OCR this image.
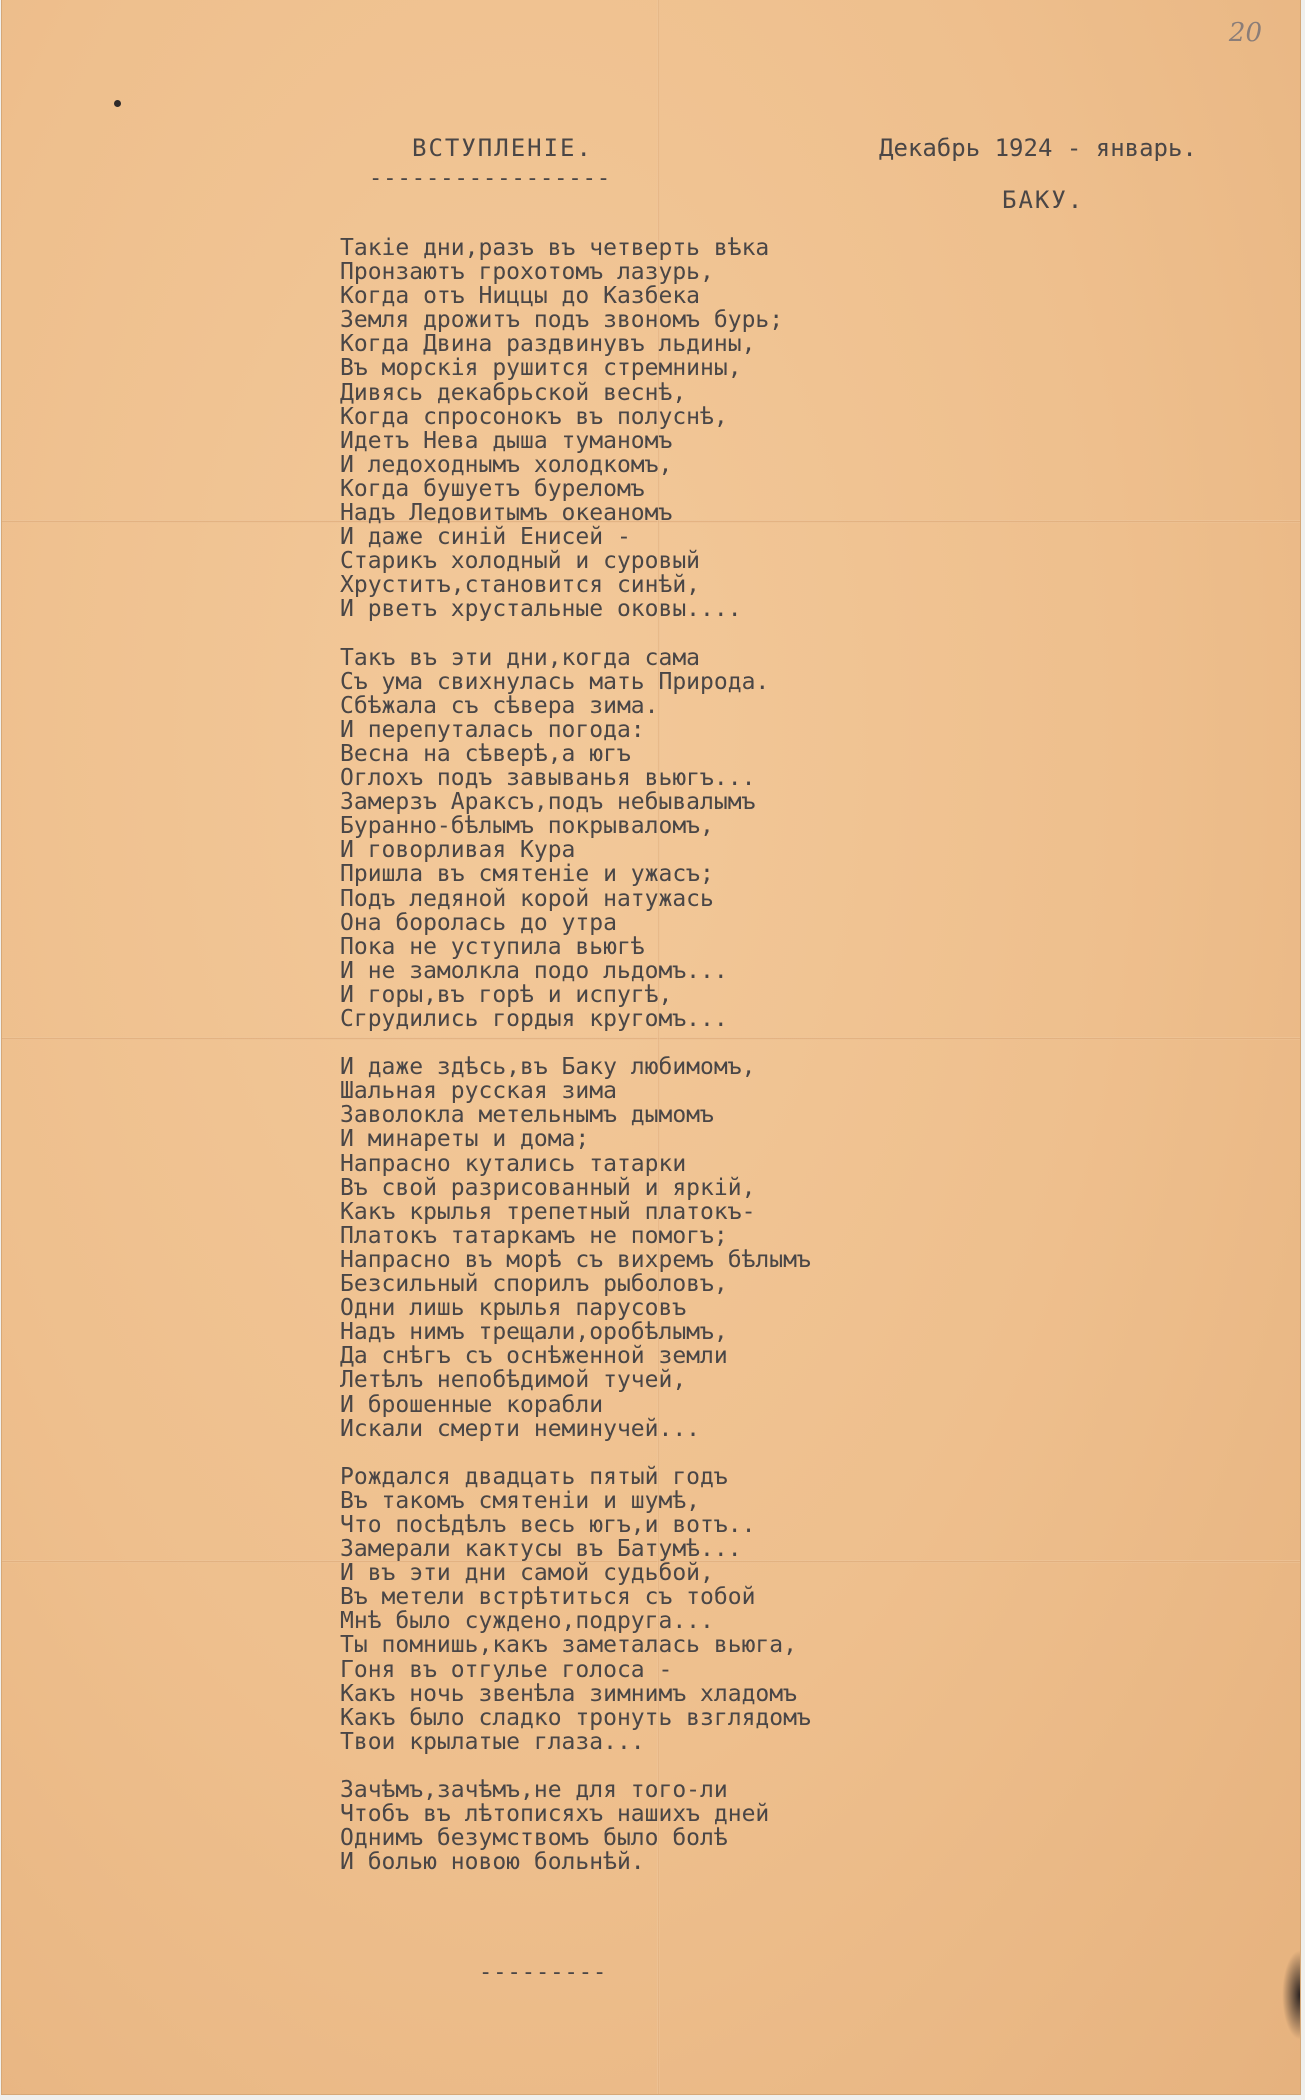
20
ВСТУПЛЕНIЕ.
-----------------
Декабрь 1924 - январь.
БАКУ.
Такiе дни,разъ въ четверть вѣка
Пронзаютъ грохотомъ лазурь,
Когда отъ Ниццы до Казбека
Земля дрожитъ подъ звономъ бурь;
Когда Двина раздвинувъ льдины,
Въ морскiя рушится стремнины,
Дивясь декабрьской веснѣ,
Когда спросонокъ въ полуснѣ,
Идетъ Нева дыша туманомъ
И ледоходнымъ холодкомъ,
Когда бушуетъ буреломъ
Надъ Ледовитымъ океаномъ
И даже синiй Енисей -
Старикъ холодный и суровый
Хруститъ,становится синѣй,
И рветъ хрустальные оковы....
Такъ въ эти дни,когда сама
Съ ума свихнулась мать Природа.
Сбѣжала съ сѣвера зима.
И перепуталась погода:
Весна на сѣверѣ,а югъ
Оглохъ подъ завыванья вьюгъ...
Замерзъ Араксъ,подъ небывалымъ
Буранно-бѣлымъ покрываломъ,
И говорливая Кура
Пришла въ смятенiе и ужасъ;
Подъ ледяной корой натужась
Она боролась до утра
Пока не уступила вьюгѣ
И не замолкла подо льдомъ...
И горы,въ горѣ и испугѣ,
Сгрудились гордыя кругомъ...
И даже здѣсь,въ Баку любимомъ,
Шальная русская зима
Заволокла метельнымъ дымомъ
И минареты и дома;
Напрасно кутались татарки
Въ свой разрисованный и яркiй,
Какъ крылья трепетный платокъ-
Платокъ татаркамъ не помогъ;
Напрасно въ морѣ съ вихремъ бѣлымъ
Безсильный спорилъ рыболовъ,
Одни лишь крылья парусовъ
Надъ нимъ трещали,оробѣлымъ,
Да снѣгъ съ оснѣженной земли
Летѣлъ непобѣдимой тучей,
И брошенные корабли
Искали смерти неминучей...
Рождался двадцать пятый годъ
Въ такомъ смятенiи и шумѣ,
Что посѣдѣлъ весь югъ,и вотъ..
Замерали кактусы въ Батумѣ...
И въ эти дни самой судьбой,
Въ метели встрѣтиться съ тобой
Мнѣ было суждено,подруга...
Ты помнишь,какъ заметалась вьюга,
Гоня въ отгулье голоса -
Какъ ночь звенѣла зимнимъ хладомъ
Какъ было сладко тронуть взглядомъ
Твои крылатые глаза...
Зачѣмъ,зачѣмъ,не для того-ли
Чтобъ въ лѣтописяхъ нашихъ дней
Однимъ безумствомъ было болѣ
И болью новою больнѣй.
---------
